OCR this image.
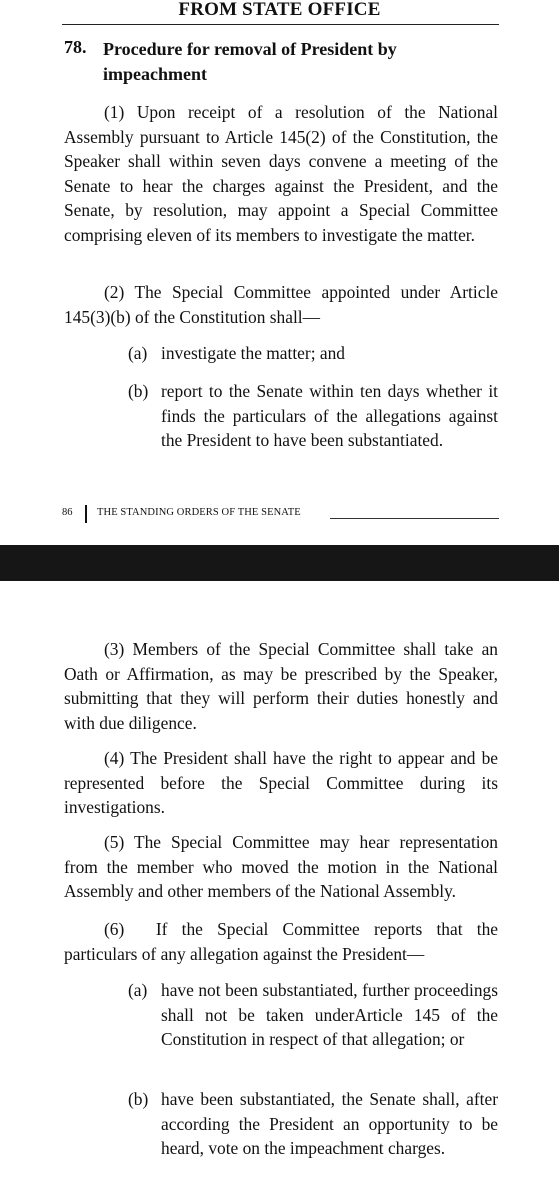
FROM STATE OFFICE
78. Procedure for removal of President by impeachment
(1) Upon receipt of a resolution of the National Assembly pursuant to Article 145(2) of the Constitution, the Speaker shall within seven days convene a meeting of the Senate to hear the charges against the President, and the Senate, by resolution, may appoint a Special Committee comprising eleven of its members to investigate the matter.
(2) The Special Committee appointed under Article 145(3)(b) of the Constitution shall—
(a) investigate the matter; and
(b) report to the Senate within ten days whether it finds the particulars of the allegations against the President to have been substantiated.
86 THE STANDING ORDERS OF THE SENATE
(3) Members of the Special Committee shall take an Oath or Affirmation, as may be prescribed by the Speaker, submitting that they will perform their duties honestly and with due diligence.
(4) The President shall have the right to appear and be represented before the Special Committee during its investigations.
(5) The Special Committee may hear representation from the member who moved the motion in the National Assembly and other members of the National Assembly.
(6)  If the Special Committee reports that the particulars of any allegation against the President—
(a) have not been substantiated, further proceedings shall not be taken underArticle 145 of the Constitution in respect of that allegation; or
(b) have been substantiated, the Senate shall, after according the President an opportunity to be heard, vote on the impeachment charges.
